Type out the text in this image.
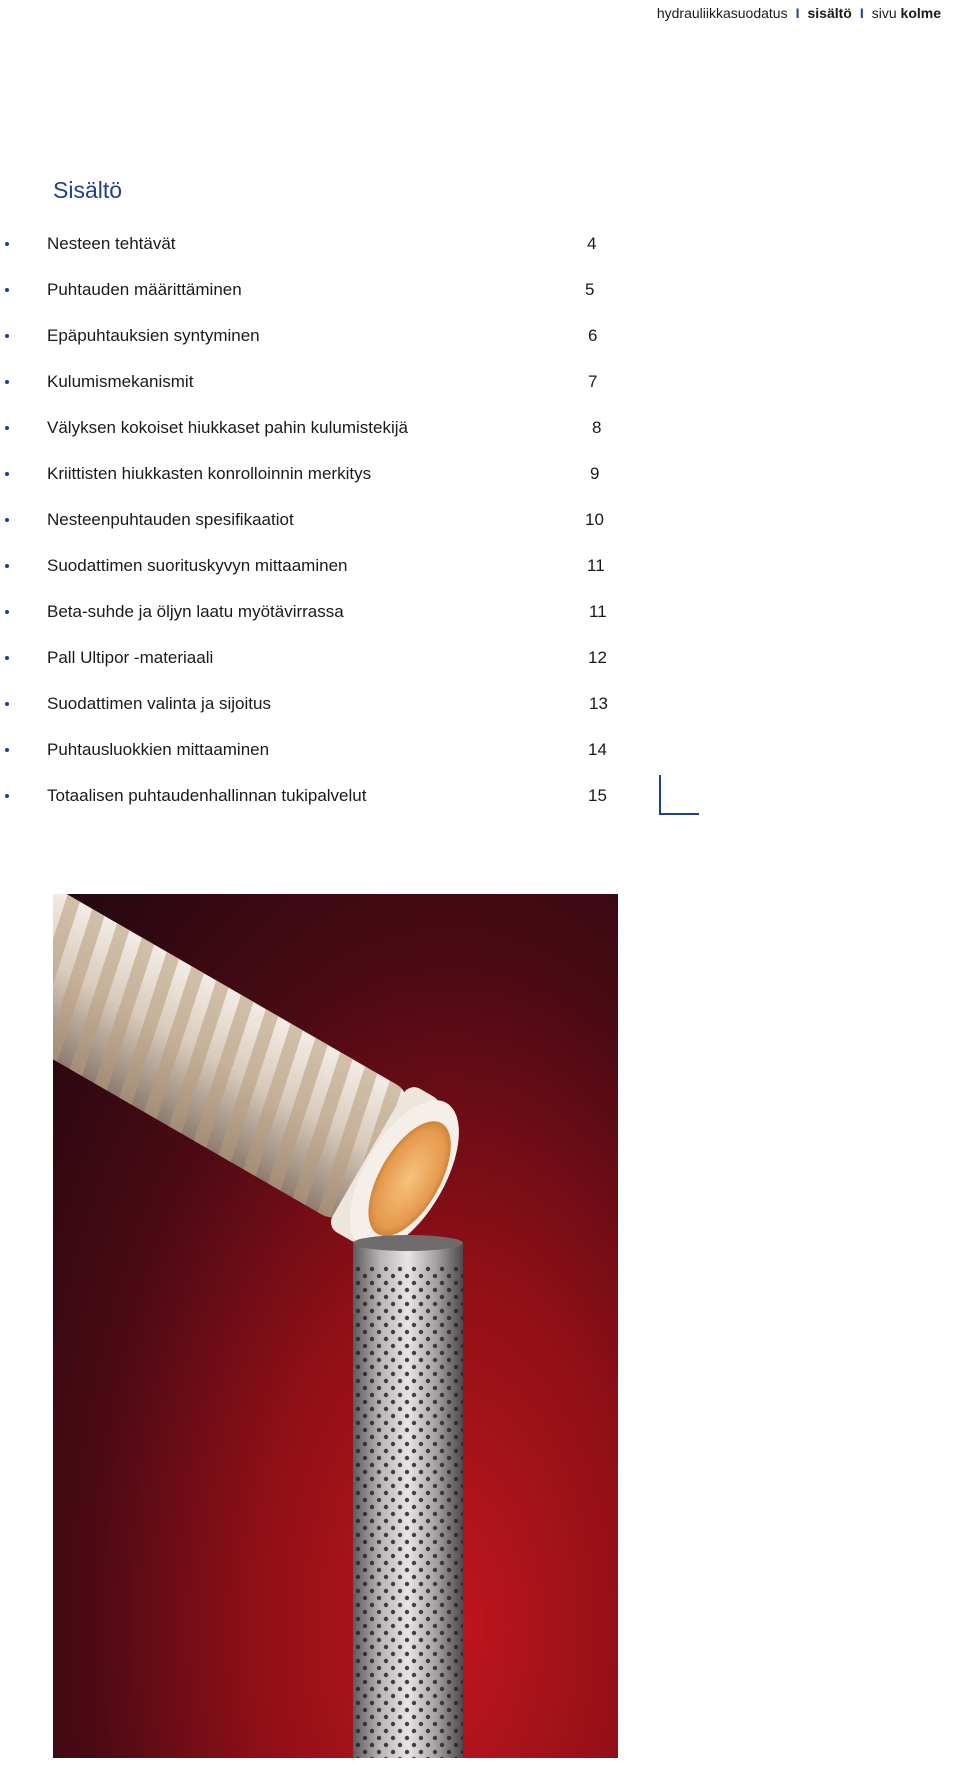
hydrauliikkasuodatus I sisältö I sivu kolme
Sisältö
Nesteen tehtävät	4
Puhtauden määrittäminen	5
Epäpuhtauksien syntyminen	6
Kulumismekanismit	7
Välyksen kokoiset hiukkaset pahin kulumistekijä	8
Kriittisten hiukkasten konrolloinnin merkitys	9
Nesteenpuhtauden spesifikaatiot	10
Suodattimen suorituskyvyn mittaaminen	11
Beta-suhde ja öljyn laatu myötävirrassa	11
Pall Ultipor -materiaali	12
Suodattimen valinta ja sijoitus	13
Puhtausluokkien mittaaminen	14
Totaalisen puhtaudenhallinnan tukipalvelut	15
